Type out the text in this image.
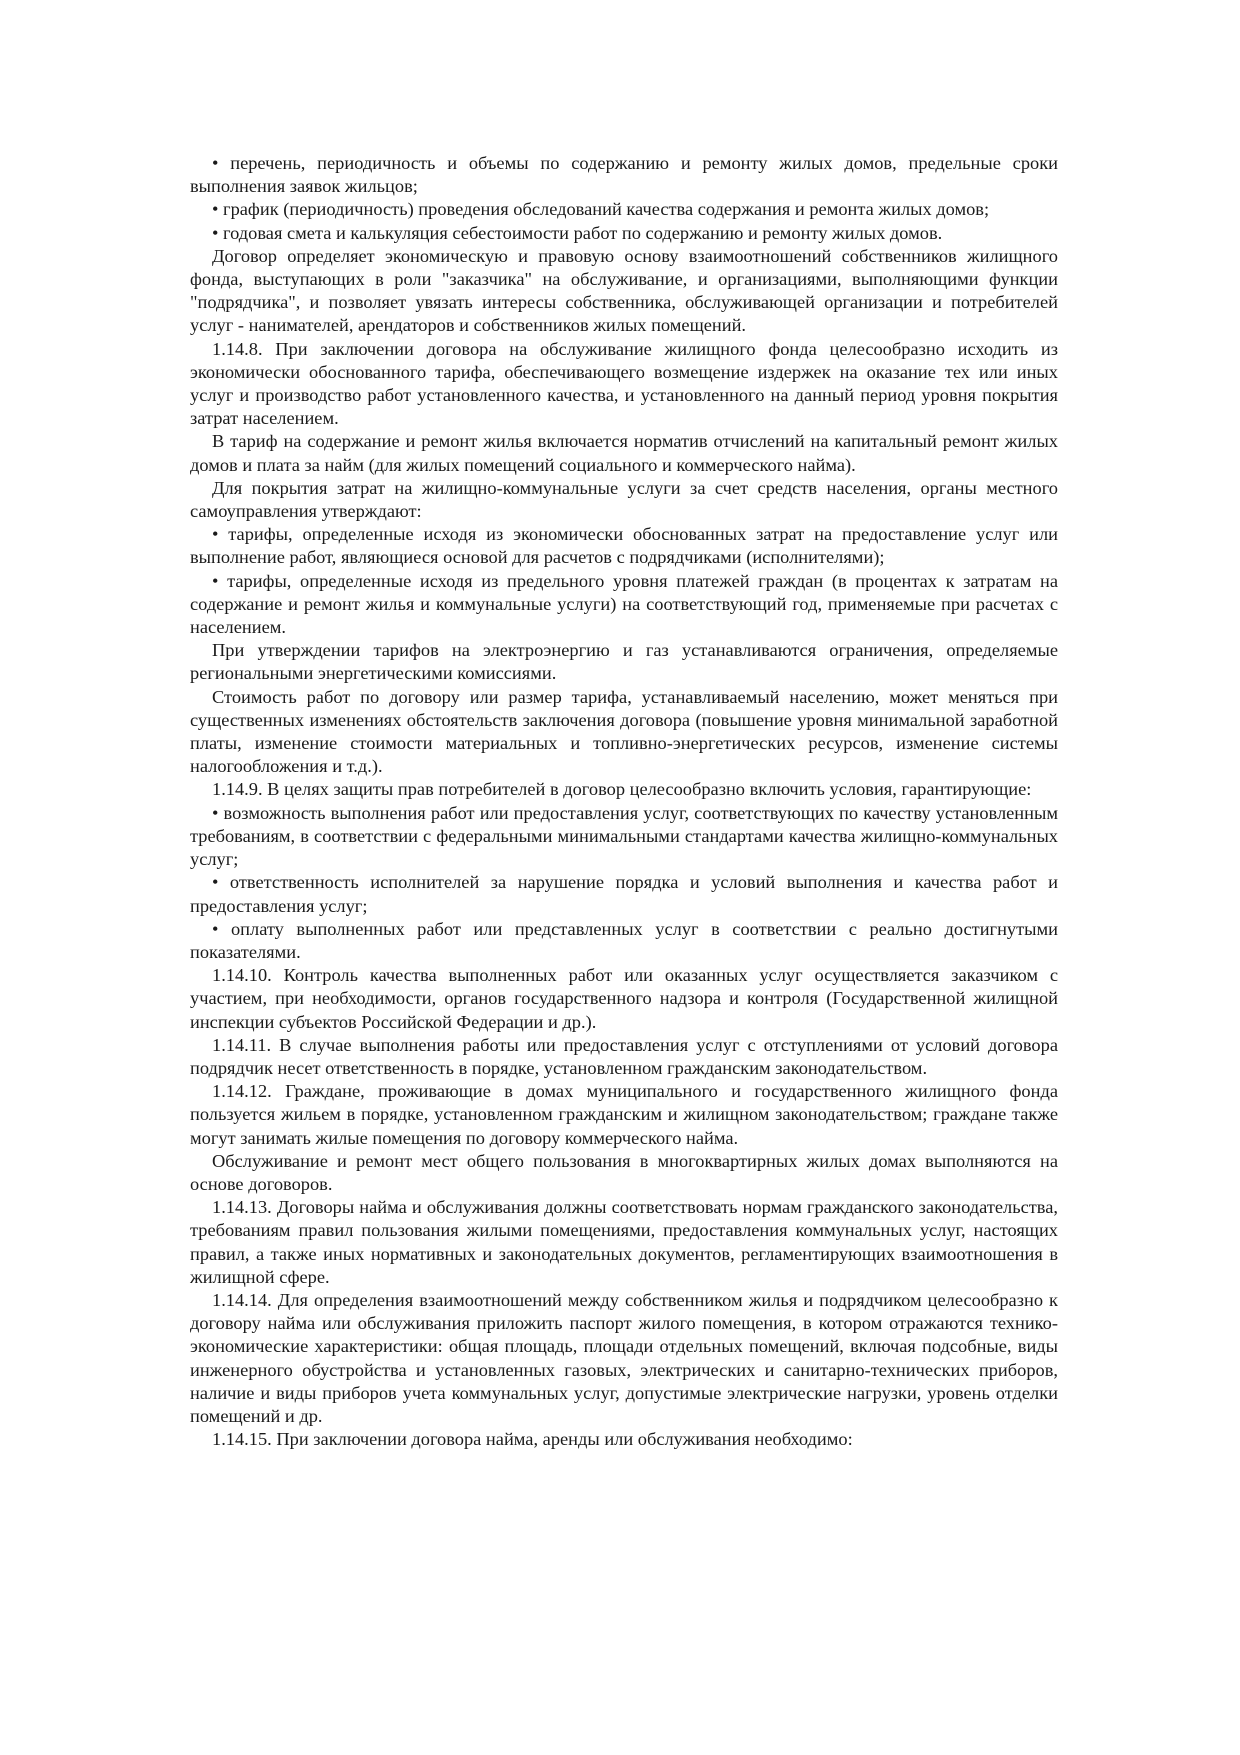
• перечень, периодичность и объемы по содержанию и ремонту жилых домов, предельные сроки выполнения заявок жильцов;

• график (периодичность) проведения обследований качества содержания и ремонта жилых домов;

• годовая смета и калькуляция себестоимости работ по содержанию и ремонту жилых домов.

Договор определяет экономическую и правовую основу взаимоотношений собственников жилищного фонда, выступающих в роли "заказчика" на обслуживание, и организациями, выполняющими функции "подрядчика", и позволяет увязать интересы собственника, обслуживающей организации и потребителей услуг - нанимателей, арендаторов и собственников жилых помещений.

1.14.8. При заключении договора на обслуживание жилищного фонда целесообразно исходить из экономически обоснованного тарифа, обеспечивающего возмещение издержек на оказание тех или иных услуг и производство работ установленного качества, и установленного на данный период уровня покрытия затрат населением.

В тариф на содержание и ремонт жилья включается норматив отчислений на капитальный ремонт жилых домов и плата за найм (для жилых помещений социального и коммерческого найма).

Для покрытия затрат на жилищно-коммунальные услуги за счет средств населения, органы местного самоуправления утверждают:

• тарифы, определенные исходя из экономически обоснованных затрат на предоставление услуг или выполнение работ, являющиеся основой для расчетов с подрядчиками (исполнителями);

• тарифы, определенные исходя из предельного уровня платежей граждан (в процентах к затратам на содержание и ремонт жилья и коммунальные услуги) на соответствующий год, применяемые при расчетах с населением.

При утверждении тарифов на электроэнергию и газ устанавливаются ограничения, определяемые региональными энергетическими комиссиями.

Стоимость работ по договору или размер тарифа, устанавливаемый населению, может меняться при существенных изменениях обстоятельств заключения договора (повышение уровня минимальной заработной платы, изменение стоимости материальных и топливно-энергетических ресурсов, изменение системы налогообложения и т.д.).

1.14.9. В целях защиты прав потребителей в договор целесообразно включить условия, гарантирующие:

• возможность выполнения работ или предоставления услуг, соответствующих по качеству установленным требованиям, в соответствии с федеральными минимальными стандартами качества жилищно-коммунальных услуг;

• ответственность исполнителей за нарушение порядка и условий выполнения и качества работ и предоставления услуг;

• оплату выполненных работ или представленных услуг в соответствии с реально достигнутыми показателями.

1.14.10. Контроль качества выполненных работ или оказанных услуг осуществляется заказчиком с участием, при необходимости, органов государственного надзора и контроля (Государственной жилищной инспекции субъектов Российской Федерации и др.).

1.14.11. В случае выполнения работы или предоставления услуг с отступлениями от условий договора подрядчик несет ответственность в порядке, установленном гражданским законодательством.

1.14.12. Граждане, проживающие в домах муниципального и государственного жилищного фонда пользуется жильем в порядке, установленном гражданским и жилищном законодательством; граждане также могут занимать жилые помещения по договору коммерческого найма.

Обслуживание и ремонт мест общего пользования в многоквартирных жилых домах выполняются на основе договоров.

1.14.13. Договоры найма и обслуживания должны соответствовать нормам гражданского законодательства, требованиям правил пользования жилыми помещениями, предоставления коммунальных услуг, настоящих правил, а также иных нормативных и законодательных документов, регламентирующих взаимоотношения в жилищной сфере.

1.14.14. Для определения взаимоотношений между собственником жилья и подрядчиком целесообразно к договору найма или обслуживания приложить паспорт жилого помещения, в котором отражаются технико-экономические характеристики: общая площадь, площади отдельных помещений, включая подсобные, виды инженерного обустройства и установленных газовых, электрических и санитарно-технических приборов, наличие и виды приборов учета коммунальных услуг, допустимые электрические нагрузки, уровень отделки помещений и др.

1.14.15. При заключении договора найма, аренды или обслуживания необходимо:
